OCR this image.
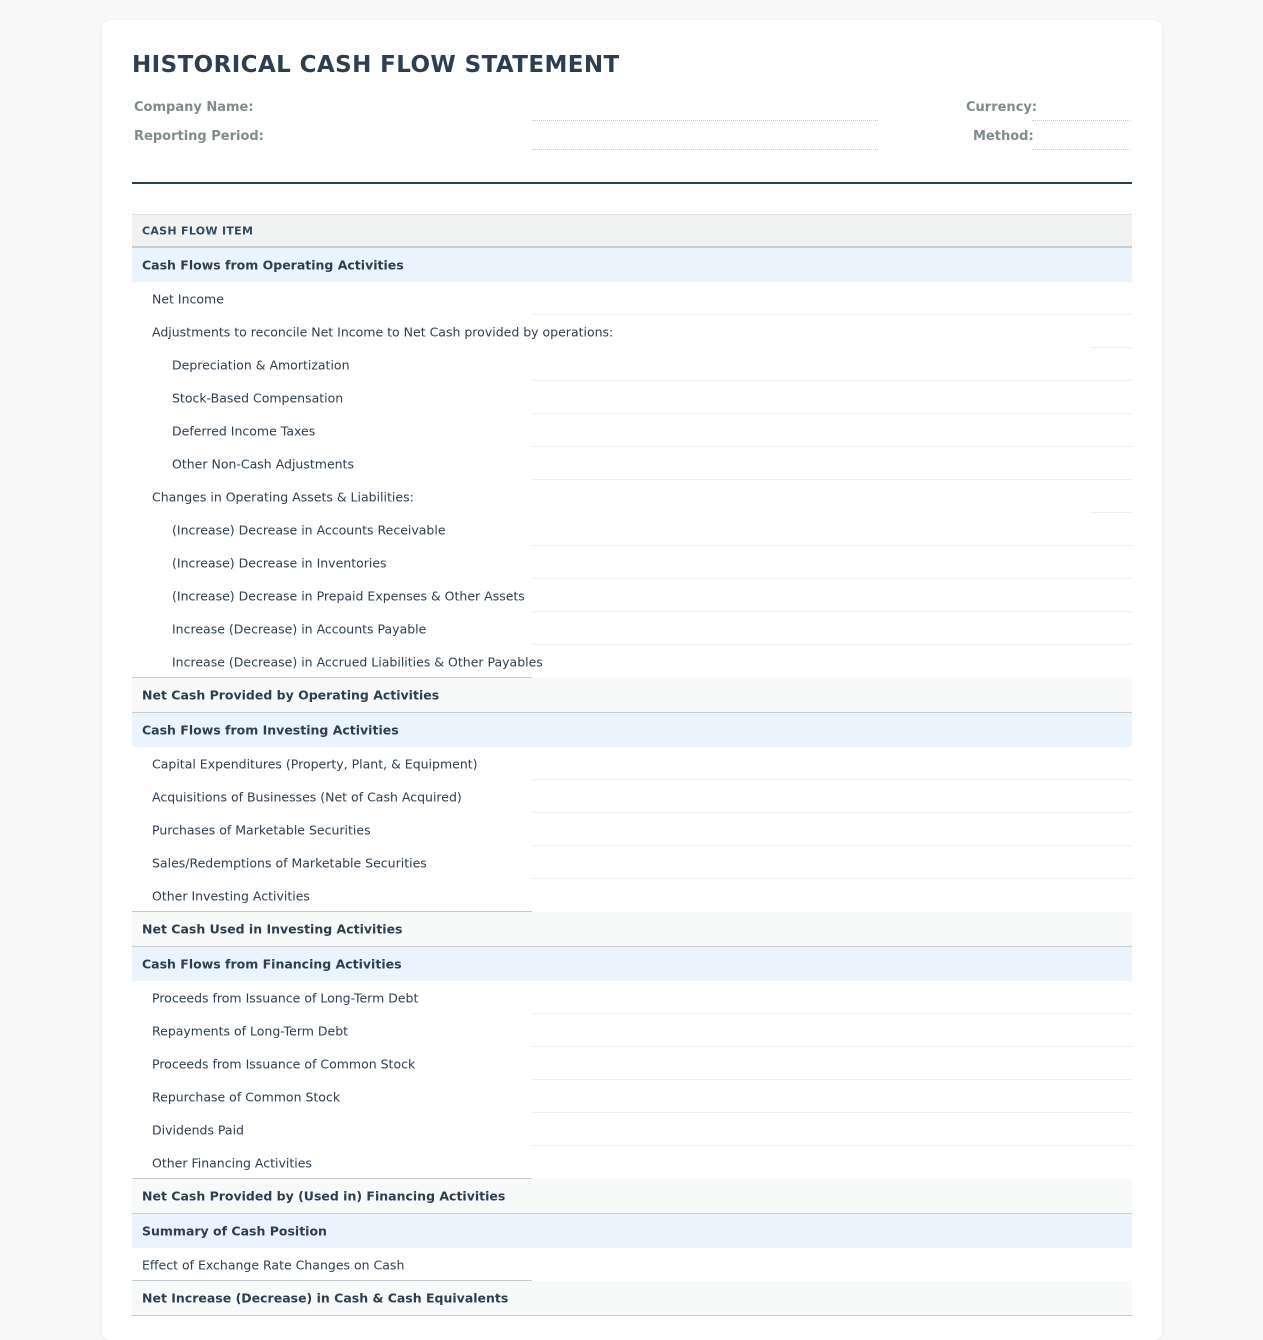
HISTORICAL CASH FLOW STATEMENT
Company Name:	Currency:
Reporting Period:	Method:
CASH FLOW ITEM
Cash Flows from Operating Activities
Net Income
Adjustments to reconcile Net Income to Net Cash provided by operations:
Depreciation & Amortization
Stock-Based Compensation
Deferred Income Taxes
Other Non-Cash Adjustments
Changes in Operating Assets & Liabilities:
(Increase) Decrease in Accounts Receivable
(Increase) Decrease in Inventories
(Increase) Decrease in Prepaid Expenses & Other Assets
Increase (Decrease) in Accounts Payable
Increase (Decrease) in Accrued Liabilities & Other Payables
Net Cash Provided by Operating Activities
Cash Flows from Investing Activities
Capital Expenditures (Property, Plant, & Equipment)
Acquisitions of Businesses (Net of Cash Acquired)
Purchases of Marketable Securities
Sales/Redemptions of Marketable Securities
Other Investing Activities
Net Cash Used in Investing Activities
Cash Flows from Financing Activities
Proceeds from Issuance of Long-Term Debt
Repayments of Long-Term Debt
Proceeds from Issuance of Common Stock
Repurchase of Common Stock
Dividends Paid
Other Financing Activities
Net Cash Provided by (Used in) Financing Activities
Summary of Cash Position
Effect of Exchange Rate Changes on Cash
Net Increase (Decrease) in Cash & Cash Equivalents
